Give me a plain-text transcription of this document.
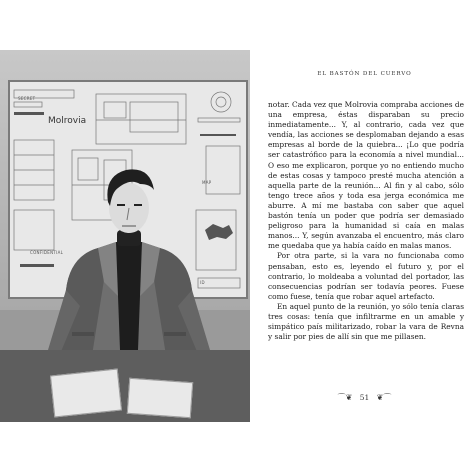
Molrovia
SECRET
CONFIDENTIAL
MAP
ID
EL BASTÓN DEL CUERVO

notar. Cada vez que Molrovia compraba acciones de una empresa, éstas disparaban su precio inmediatamente... Y, al contrario, cada vez que vendía, las acciones se desplomaban dejando a esas empresas al borde de la quiebra... ¡Lo que podría ser catastrófico para la economía a nivel mundial... O eso me explicaron, porque yo no entiendo mucho de estas cosas y tampoco presté mucha atención a aquella parte de la reunión... Al fin y al cabo, sólo tengo trece años y toda esa jerga económica me aburre. A mí me bastaba con saber que aquel bastón tenía un poder que podría ser demasiado peligroso para la humanidad si caía en malas manos... Y, según avanzaba el encuentro, más claro me quedaba que ya había caído en malas manos.

Por otra parte, si la vara no funcionaba como pensaban, esto es, leyendo el futuro y, por el contrario, lo moldeaba a voluntad del portador, las consecuencias podrían ser todavía peores. Fuese como fuese, tenía que robar aquel artefacto.

En aquel punto de la reunión, yo sólo tenía claras tres cosas: tenía que infiltrarme en un amable y simpático país militarizado, robar la vara de Revna y salir por pies de allí sin que me pillasen.

⌒❦ 51 ❦⌒
